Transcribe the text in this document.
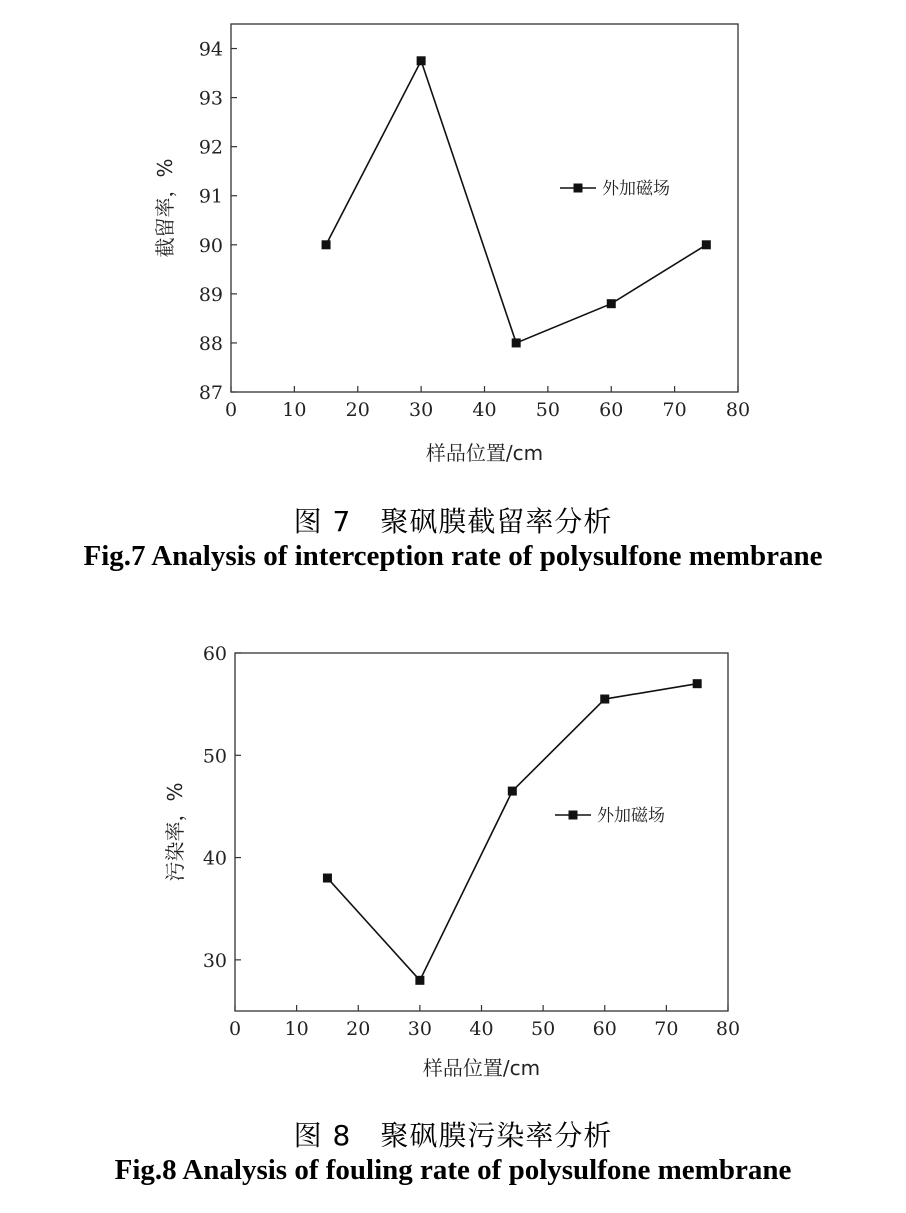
0 10 20 30 40 50 60 70 80
87
88
89
90
91
92
93
94
样品位置/cm
截留率，%	外加磁场
图 7　聚砜膜截留率分析
Fig.7 Analysis of interception rate of polysulfone membrane
0 10 20 30 40 50 60 70 80
30
40
50
60
样品位置/cm
污染率，%	外加磁场
图 8　聚砜膜污染率分析
Fig.8 Analysis of fouling rate of polysulfone membrane
